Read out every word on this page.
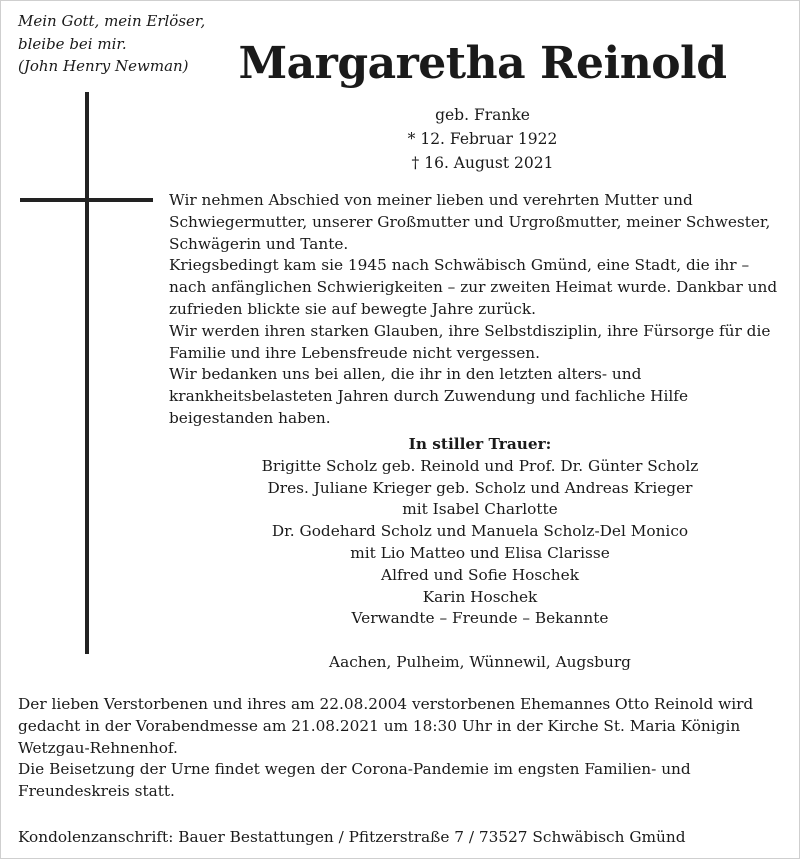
Mein Gott, mein Erlöser,
bleibe bei mir.
(John Henry Newman)	Margaretha Reinold
geb. Franke
* 12. Februar 1922
† 16. August 2021
Wir nehmen Abschied von meiner lieben und verehrten Mutter und
Schwiegermutter, unserer Großmutter und Urgroßmutter, meiner Schwester,
Schwägerin und Tante.
Kriegsbedingt kam sie 1945 nach Schwäbisch Gmünd, eine Stadt, die ihr –
nach anfänglichen Schwierigkeiten – zur zweiten Heimat wurde. Dankbar und
zufrieden blickte sie auf bewegte Jahre zurück.
Wir werden ihren starken Glauben, ihre Selbstdisziplin, ihre Fürsorge für die
Familie und ihre Lebensfreude nicht vergessen.
Wir bedanken uns bei allen, die ihr in den letzten alters- und
krankheitsbelasteten Jahren durch Zuwendung und fachliche Hilfe
beigestanden haben.
In stiller Trauer:
Brigitte Scholz geb. Reinold und Prof. Dr. Günter Scholz
Dres. Juliane Krieger geb. Scholz und Andreas Krieger
mit Isabel Charlotte
Dr. Godehard Scholz und Manuela Scholz-Del Monico
mit Lio Matteo und Elisa Clarisse
Alfred und Sofie Hoschek
Karin Hoschek
Verwandte – Freunde – Bekannte
Aachen, Pulheim, Wünnewil, Augsburg
Der lieben Verstorbenen und ihres am 22.08.2004 verstorbenen Ehemannes Otto Reinold wird
gedacht in der Vorabendmesse am 21.08.2021 um 18:30 Uhr in der Kirche St. Maria Königin
Wetzgau-Rehnenhof.
Die Beisetzung der Urne findet wegen der Corona-Pandemie im engsten Familien- und
Freundeskreis statt.
Kondolenzanschrift: Bauer Bestattungen / Pfitzerstraße 7 / 73527 Schwäbisch Gmünd
